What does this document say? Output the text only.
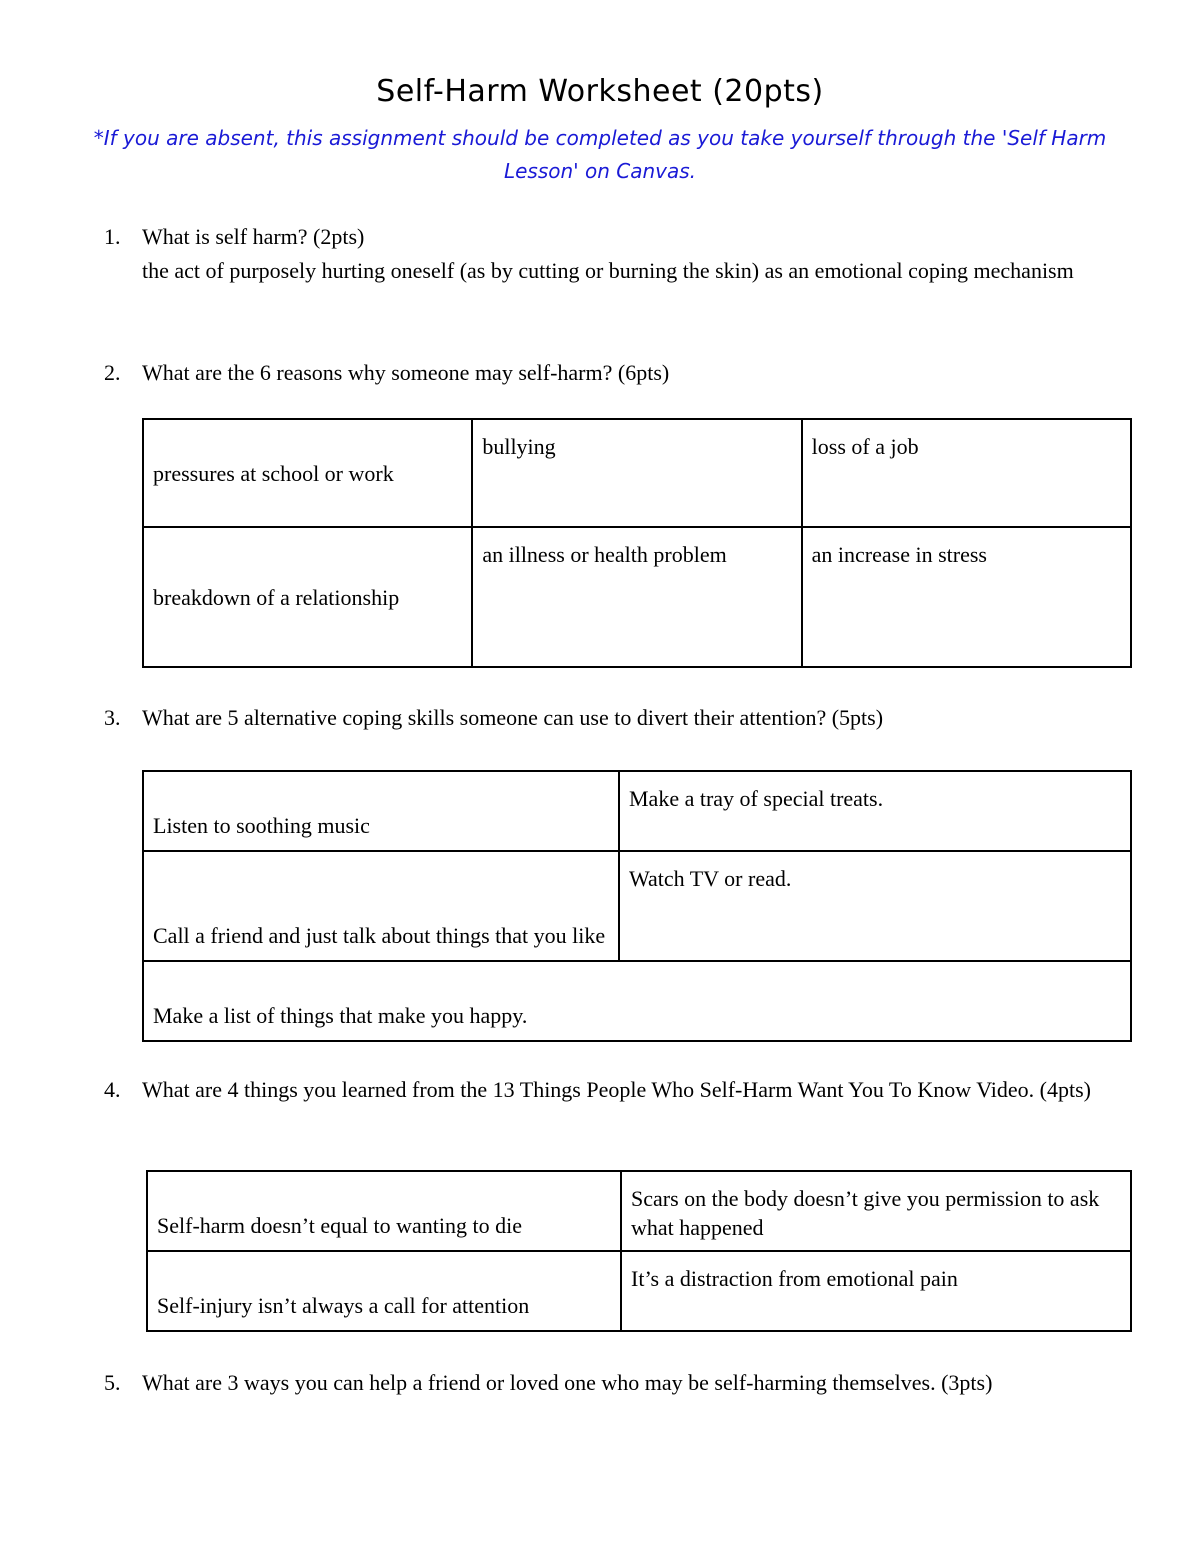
Self-Harm Worksheet (20pts)
*If you are absent, this assignment should be completed as you take yourself through the 'Self Harm Lesson' on Canvas.
1. What is self harm? (2pts)
the act of purposely hurting oneself (as by cutting or burning the skin) as an emotional coping mechanism
2. What are the 6 reasons why someone may self-harm? (6pts)
pressures at school or work	bullying	loss of a job
breakdown of a relationship	an illness or health problem	an increase in stress
3. What are 5 alternative coping skills someone can use to divert their attention? (5pts)
Listen to soothing music	Make a tray of special treats.
Call a friend and just talk about things that you like	Watch TV or read.
Make a list of things that make you happy.	
4. What are 4 things you learned from the 13 Things People Who Self-Harm Want You To Know Video. (4pts)
Self-harm doesn’t equal to wanting to die	Scars on the body doesn’t give you permission to ask what happened
Self-injury isn’t always a call for attention	It’s a distraction from emotional pain
5. What are 3 ways you can help a friend or loved one who may be self-harming themselves. (3pts)
